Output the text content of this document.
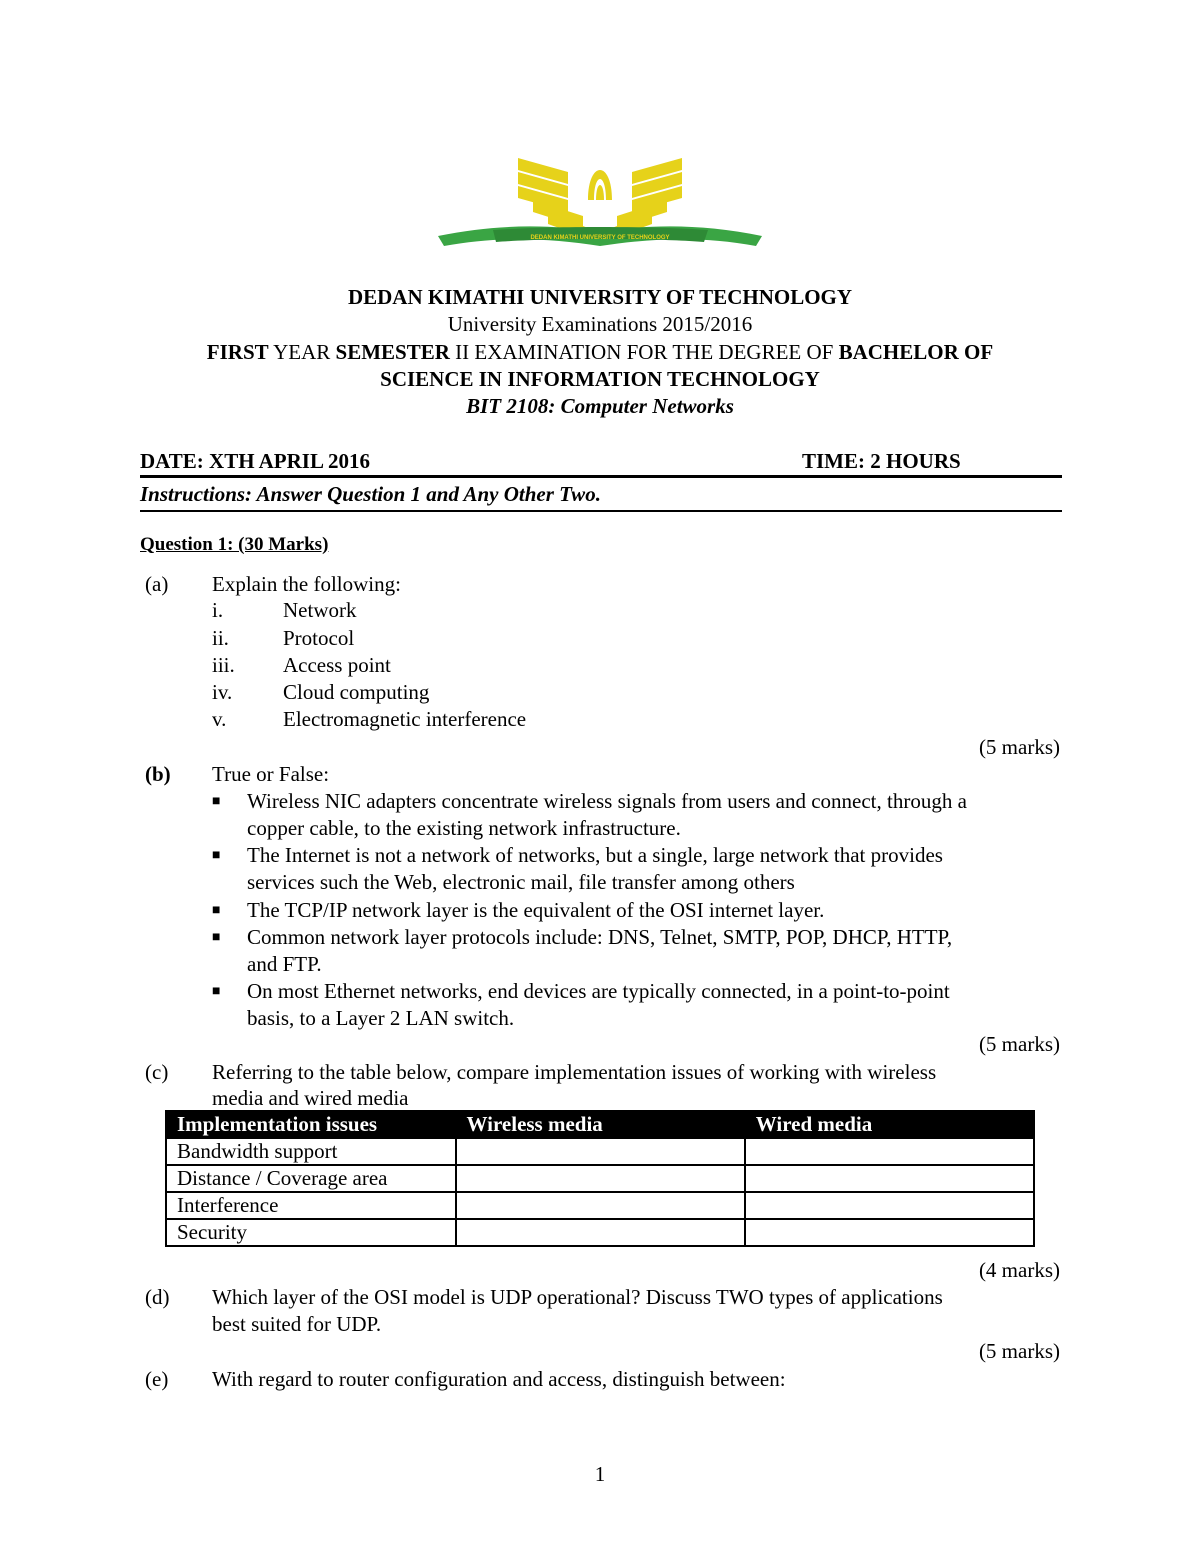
DEDAN KIMATHI UNIVERSITY OF TECHNOLOGY
DEDAN KIMATHI UNIVERSITY OF TECHNOLOGY
University Examinations 2015/2016
FIRST YEAR SEMESTER II EXAMINATION FOR THE DEGREE OF BACHELOR OF
SCIENCE IN INFORMATION TECHNOLOGY
BIT 2108: Computer Networks
DATE: XTH APRIL 2016	TIME: 2 HOURS
Instructions: Answer Question 1 and Any Other Two.
Question 1: (30 Marks)
(a) Explain the following:
i.	Network
ii.	Protocol
iii. Access point
iv. Cloud computing
v.	Electromagnetic interference
(5 marks)
(b) True or False:
■ Wireless NIC adapters concentrate wireless signals from users and connect, through a
copper cable, to the existing network infrastructure.
■ The Internet is not a network of networks, but a single, large network that provides
services such the Web, electronic mail, file transfer among others
■ The TCP/IP network layer is the equivalent of the OSI internet layer.
■ Common network layer protocols include: DNS, Telnet, SMTP, POP, DHCP, HTTP,
and FTP.
■ On most Ethernet networks, end devices are typically connected, in a point-to-point
basis, to a Layer 2 LAN switch.
(5 marks)
(c) Referring to the table below, compare implementation issues of working with wireless
media and wired media
Implementation issues	Wireless media	Wired media
Bandwidth support		
Distance / Coverage area		
Interference		
Security		
(4 marks)
(d) Which layer of the OSI model is UDP operational? Discuss TWO types of applications
best suited for UDP.
(5 marks)
(e) With regard to router configuration and access, distinguish between:
1
